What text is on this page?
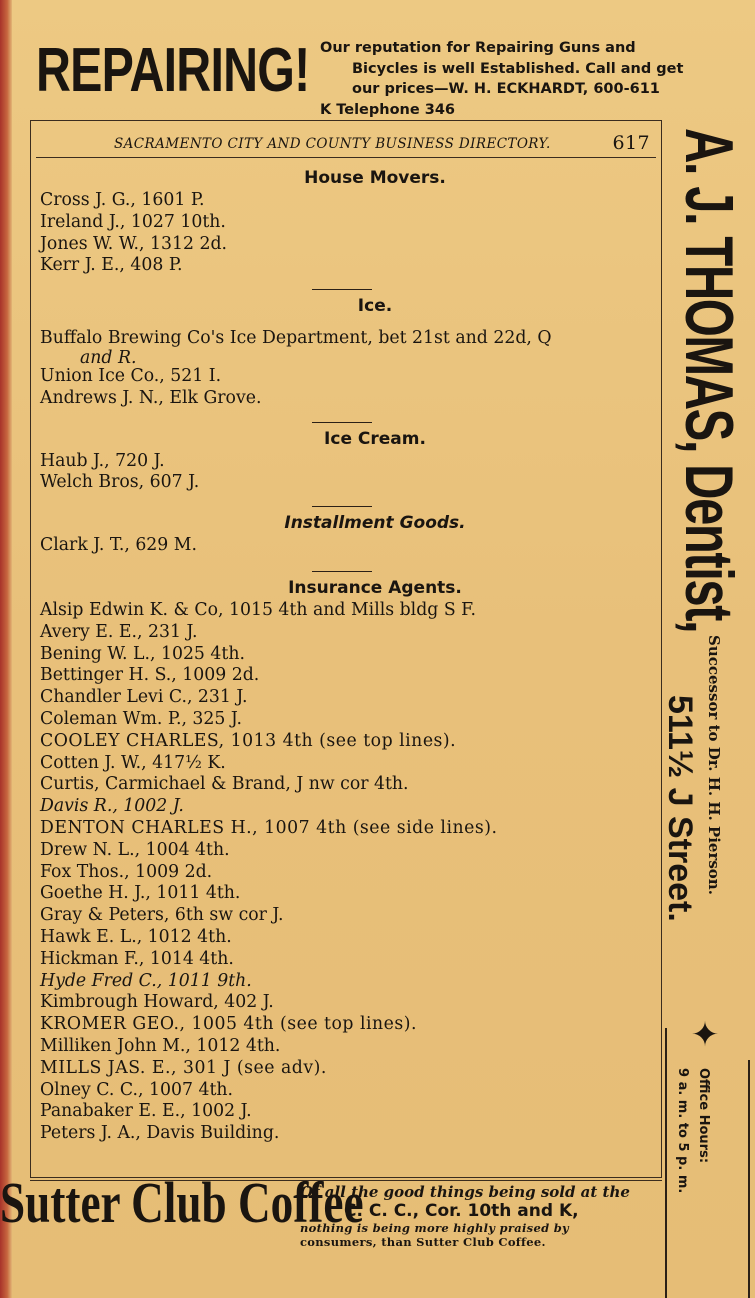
REPAIRING! Our reputation for Repairing Guns and
Bicycles is well Established. Call and get
our prices—W. H. ECKHARDT, 600-611
K Telephone 346
SACRAMENTO CITY AND COUNTY BUSINESS DIRECTORY.	617
House Movers.
Cross J. G., 1601 P.
Ireland J., 1027 10th.
Jones W. W., 1312 2d.
Kerr J. E., 408 P.
Ice.
Buffalo Brewing Co's Ice Department, bet 21st and 22d, Q
and R.
Union Ice Co., 521 I.
Andrews J. N., Elk Grove.
Ice Cream.
Haub J., 720 J.
Welch Bros, 607 J.
Installment Goods.
Clark J. T., 629 M.
Insurance Agents.
Alsip Edwin K. & Co, 1015 4th and Mills bldg S F.
Avery E. E., 231 J.
Bening W. L., 1025 4th.
Bettinger H. S., 1009 2d.
Chandler Levi C., 231 J.
Coleman Wm. P., 325 J.
COOLEY CHARLES, 1013 4th (see top lines).
Cotten J. W., 417½ K.
Curtis, Carmichael & Brand, J nw cor 4th.
Davis R., 1002 J.
DENTON CHARLES H., 1007 4th (see side lines).
Drew N. L., 1004 4th.
Fox Thos., 1009 2d.
Goethe H. J., 1011 4th.
Gray & Peters, 6th sw cor J.
Hawk E. L., 1012 4th.
Hickman F., 1014 4th.
Hyde Fred C., 1011 9th.
Kimbrough Howard, 402 J.
KROMER GEO., 1005 4th (see top lines).
Milliken John M., 1012 4th.
MILLS JAS. E., 301 J (see adv).
Olney C. C., 1007 4th.
Panabaker E. E., 1002 J.
Peters J. A., Davis Building.
A. J. THOMAS, Dentist,
Successor to Dr. H. H. Pierson.
511½ J Street.
✦
Office Hours:
9 a. m. to 5 p. m.
Sutter Club Coffee
Of all the good things being sold at the
C. C. C., Cor. 10th and K,
nothing is being more highly praised by
consumers, than Sutter Club Coffee.
